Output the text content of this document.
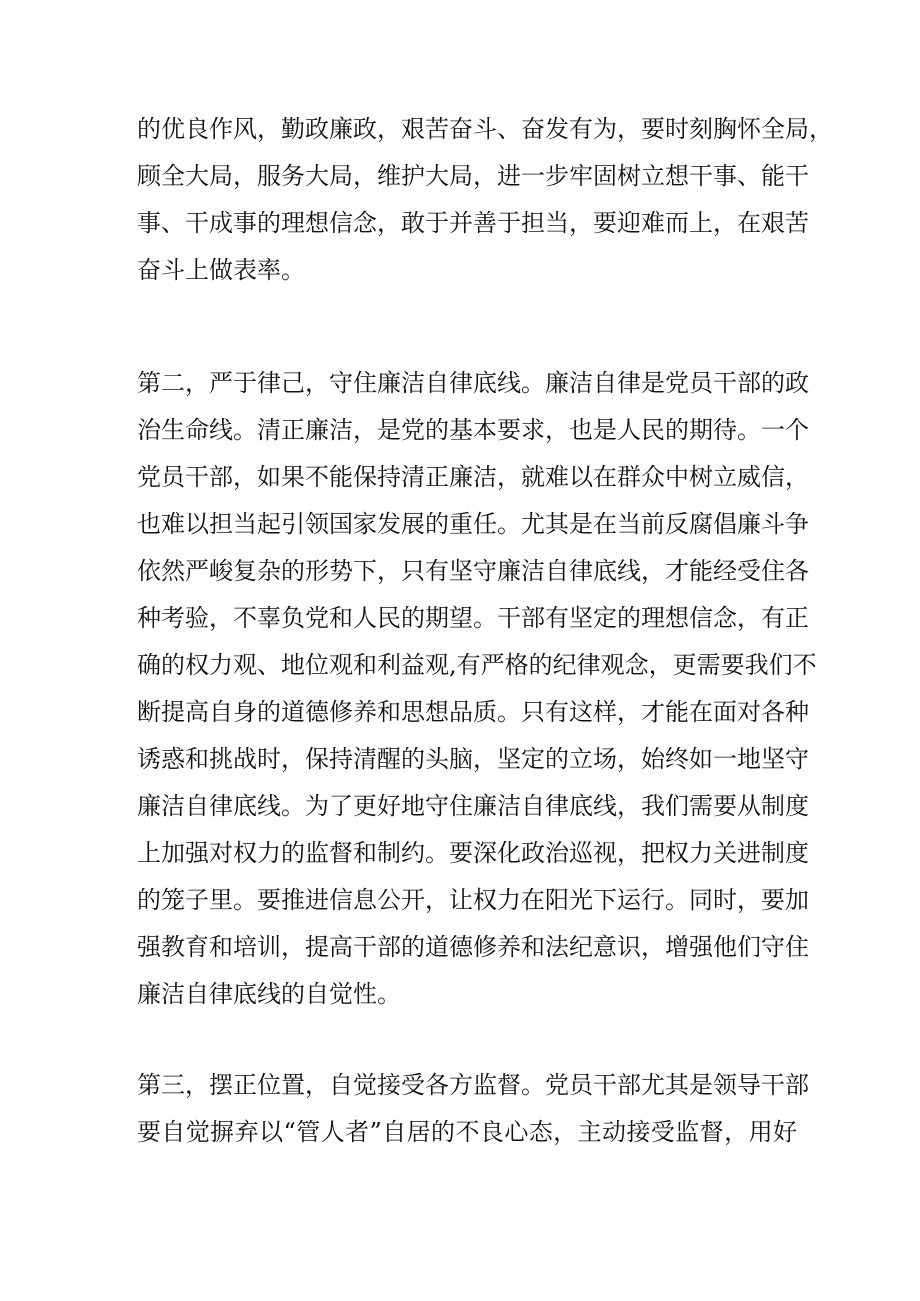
的优良作风，勤政廉政，艰苦奋斗、奋发有为，要时刻胸怀全局，
顾全大局，服务大局，维护大局，进一步牢固树立想干事、能干
事、干成事的理想信念，敢于并善于担当，要迎难而上，在艰苦
奋斗上做表率。
第二，严于律己，守住廉洁自律底线。廉洁自律是党员干部的政
治生命线。清正廉洁，是党的基本要求，也是人民的期待。一个
党员干部，如果不能保持清正廉洁，就难以在群众中树立威信，
也难以担当起引领国家发展的重任。尤其是在当前反腐倡廉斗争
依然严峻复杂的形势下，只有坚守廉洁自律底线，才能经受住各
种考验，不辜负党和人民的期望。干部有坚定的理想信念，有正
确的权力观、地位观和利益观,有严格的纪律观念，更需要我们不
断提高自身的道德修养和思想品质。只有这样，才能在面对各种
诱惑和挑战时，保持清醒的头脑，坚定的立场，始终如一地坚守
廉洁自律底线。为了更好地守住廉洁自律底线，我们需要从制度
上加强对权力的监督和制约。要深化政治巡视，把权力关进制度
的笼子里。要推进信息公开，让权力在阳光下运行。同时，要加
强教育和培训，提高干部的道德修养和法纪意识，增强他们守住
廉洁自律底线的自觉性。
第三，摆正位置，自觉接受各方监督。党员干部尤其是领导干部
要自觉摒弃以“管人者”自居的不良心态，主动接受监督，用好
